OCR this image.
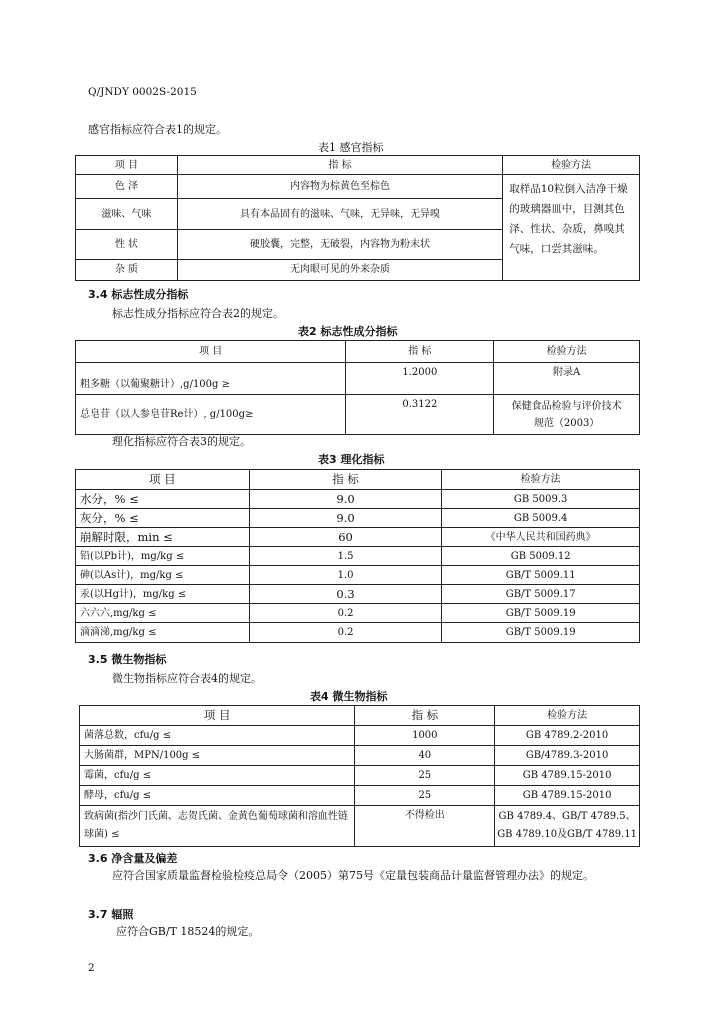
Q/JNDY 0002S-2015
感官指标应符合表1的规定。
表1 感官指标
项 目	指 标	检验方法
色 泽	内容物为棕黄色至棕色	取样品10粒倒入洁净干燥的玻璃器皿中，目测其色泽、性状、杂质，鼻嗅其气味，口尝其滋味。
滋味、气味	具有本品固有的滋味、气味，无异味，无异嗅	
性 状	硬胶囊，完整，无破裂，内容物为粉末状	
杂 质	无肉眼可见的外来杂质	
3.4 标志性成分指标
标志性成分指标应符合表2的规定。
表2 标志性成分指标
项 目	指 标	检验方法
粗多糖（以葡聚糖计）,g/100g ≥	1.2000	附录A
总皂苷（以人参皂苷Re计）, g/100g≥	0.3122	保健食品检验与评价技术规范（2003）
理化指标应符合表3的规定。
表3 理化指标
项 目	指 标	检验方法
水分，% ≤	9.0	GB 5009.3
灰分，% ≤	9.0	GB 5009.4
崩解时限，min ≤	60	《中华人民共和国药典》
铅(以Pb计)，mg/kg ≤	1.5	GB 5009.12
砷(以As计)，mg/kg ≤	1.0	GB/T 5009.11
汞(以Hg计)，mg/kg ≤	0.3	GB/T 5009.17
六六六,mg/kg ≤	0.2	GB/T 5009.19
滴滴涕,mg/kg ≤	0.2	GB/T 5009.19
3.5 微生物指标
微生物指标应符合表4的规定。
表4 微生物指标
项 目	指 标	检验方法
菌落总数，cfu/g ≤	1000	GB 4789.2-2010
大肠菌群，MPN/100g ≤	40	GB/4789.3-2010
霉菌，cfu/g ≤	25	GB 4789.15-2010
酵母，cfu/g ≤	25	GB 4789.15-2010
致病菌(指沙门氏菌、志贺氏菌、金黄色葡萄球菌和溶血性链球菌) ≤	不得检出	GB 4789.4、GB/T 4789.5、GB 4789.10及GB/T 4789.11
3.6 净含量及偏差
应符合国家质量监督检验检疫总局令（2005）第75号《定量包装商品计量监督管理办法》的规定。
3.7 辐照
应符合GB/T 18524的规定。
2
